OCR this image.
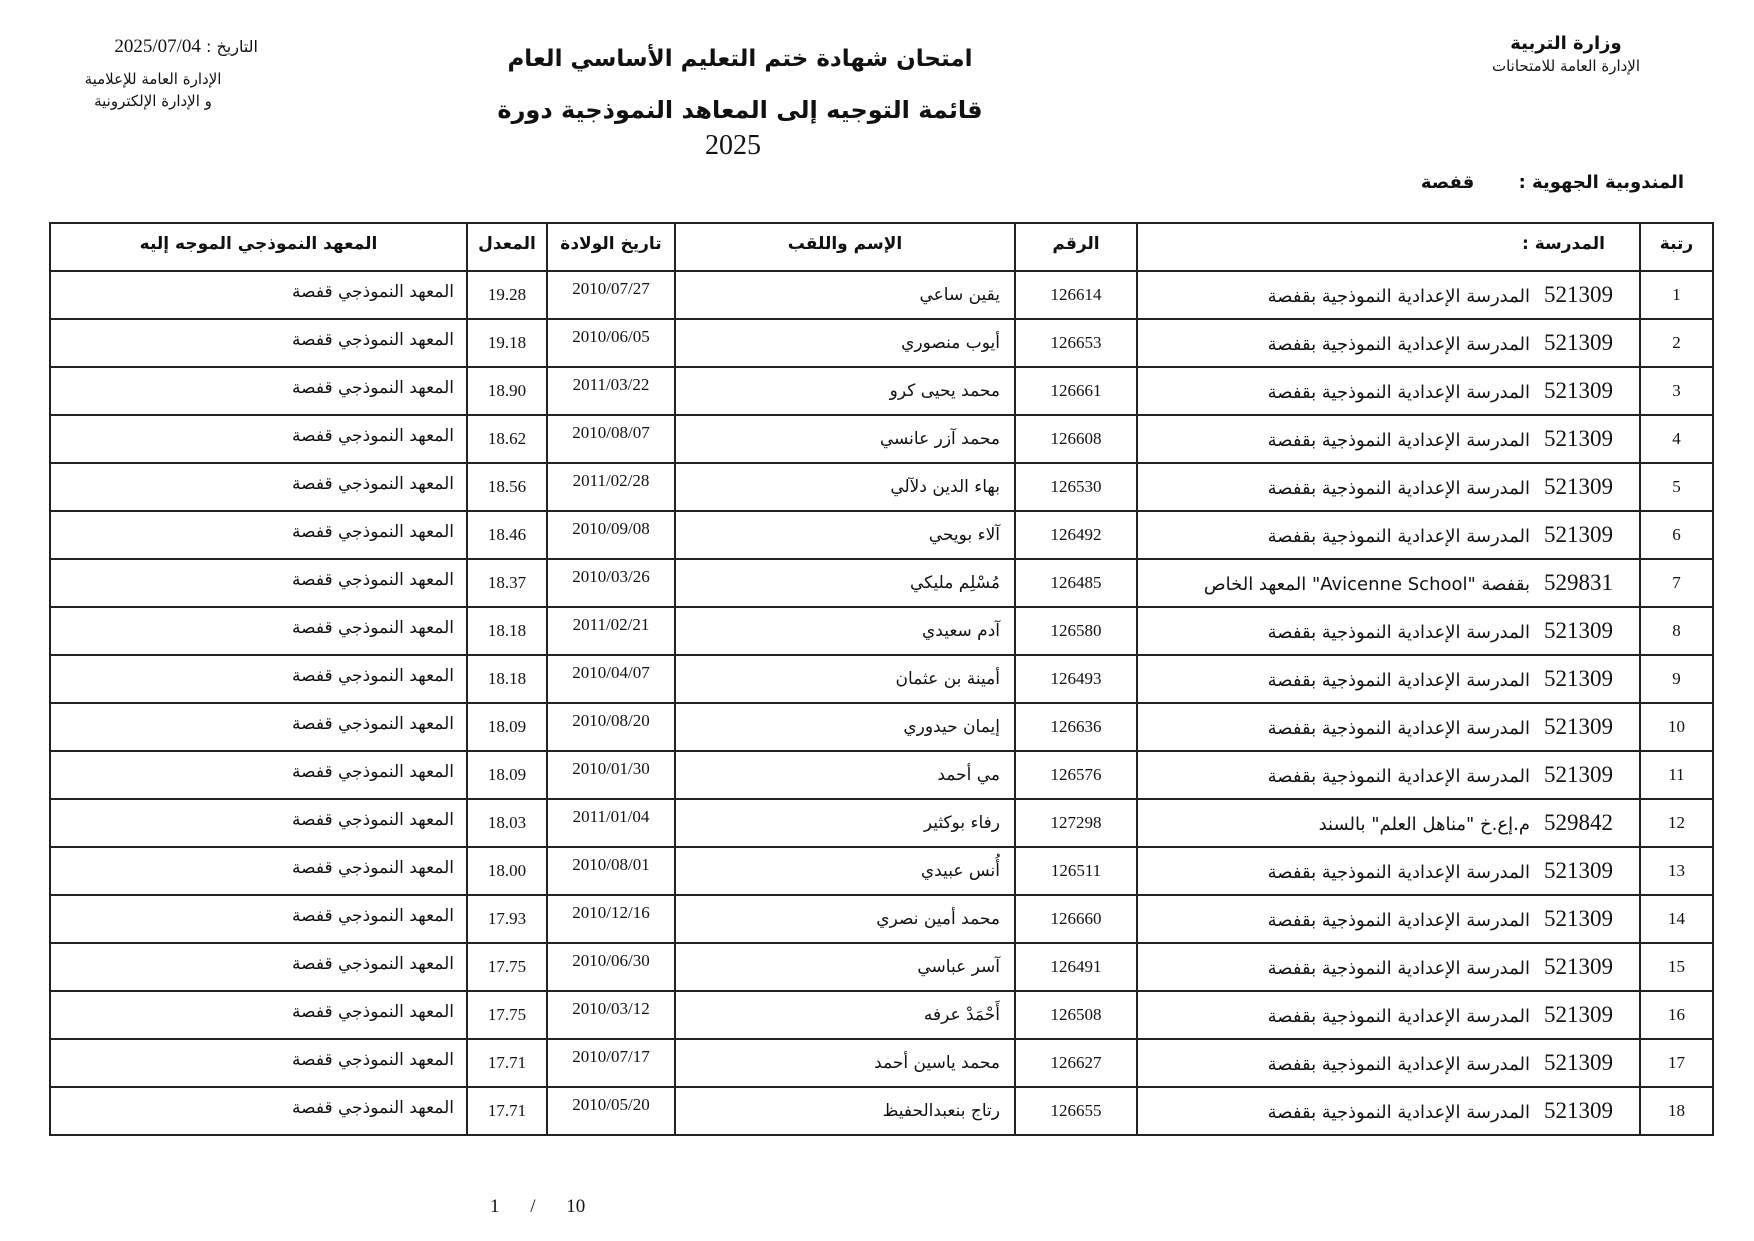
وزارة التربية
الإدارة العامة للامتحانات
امتحان شهادة ختم التعليم الأساسي العام
قائمة التوجيه إلى المعاهد النموذجية دورة 2025
التاريخ : 2025/07/04
الإدارة العامة للإعلامية
و الإدارة الإلكترونية
المندوبية الجهوية : قفصة
رتبة	المدرسة :	الرقم	الإسم واللقب	تاريخ الولادة	المعدل	المعهد النموذجي الموجه إليه
1	521309المدرسة الإعدادية النموذجية بقفصة	126614	يقين ساعي	2010/07/27	19.28	المعهد النموذجي قفصة
2	521309المدرسة الإعدادية النموذجية بقفصة	126653	أيوب منصوري	2010/06/05	19.18	المعهد النموذجي قفصة
3	521309المدرسة الإعدادية النموذجية بقفصة	126661	محمد يحيى كرو	2011/03/22	18.90	المعهد النموذجي قفصة
4	521309المدرسة الإعدادية النموذجية بقفصة	126608	محمد آزر عانسي	2010/08/07	18.62	المعهد النموذجي قفصة
5	521309المدرسة الإعدادية النموذجية بقفصة	126530	بهاء الدين دلآلي	2011/02/28	18.56	المعهد النموذجي قفصة
6	521309المدرسة الإعدادية النموذجية بقفصة	126492	آلاء بويحي	2010/09/08	18.46	المعهد النموذجي قفصة
7	529831بقفصة "Avicenne School" المعهد الخاص	126485	مُسْلِم مليكي	2010/03/26	18.37	المعهد النموذجي قفصة
8	521309المدرسة الإعدادية النموذجية بقفصة	126580	آدم سعيدي	2011/02/21	18.18	المعهد النموذجي قفصة
9	521309المدرسة الإعدادية النموذجية بقفصة	126493	أمينة بن عثمان	2010/04/07	18.18	المعهد النموذجي قفصة
10	521309المدرسة الإعدادية النموذجية بقفصة	126636	إيمان حيدوري	2010/08/20	18.09	المعهد النموذجي قفصة
11	521309المدرسة الإعدادية النموذجية بقفصة	126576	مي أحمد	2010/01/30	18.09	المعهد النموذجي قفصة
12	529842م.إع.خ "مناهل العلم" بالسند	127298	رفاء بوكثير	2011/01/04	18.03	المعهد النموذجي قفصة
13	521309المدرسة الإعدادية النموذجية بقفصة	126511	أُنس عبيدي	2010/08/01	18.00	المعهد النموذجي قفصة
14	521309المدرسة الإعدادية النموذجية بقفصة	126660	محمد أمين نصري	2010/12/16	17.93	المعهد النموذجي قفصة
15	521309المدرسة الإعدادية النموذجية بقفصة	126491	آسر عباسي	2010/06/30	17.75	المعهد النموذجي قفصة
16	521309المدرسة الإعدادية النموذجية بقفصة	126508	أَحْمَدْ عرفه	2010/03/12	17.75	المعهد النموذجي قفصة
17	521309المدرسة الإعدادية النموذجية بقفصة	126627	محمد ياسين أحمد	2010/07/17	17.71	المعهد النموذجي قفصة
18	521309المدرسة الإعدادية النموذجية بقفصة	126655	رتاج بنعبدالحفيظ	2010/05/20	17.71	المعهد النموذجي قفصة
1 / 10
